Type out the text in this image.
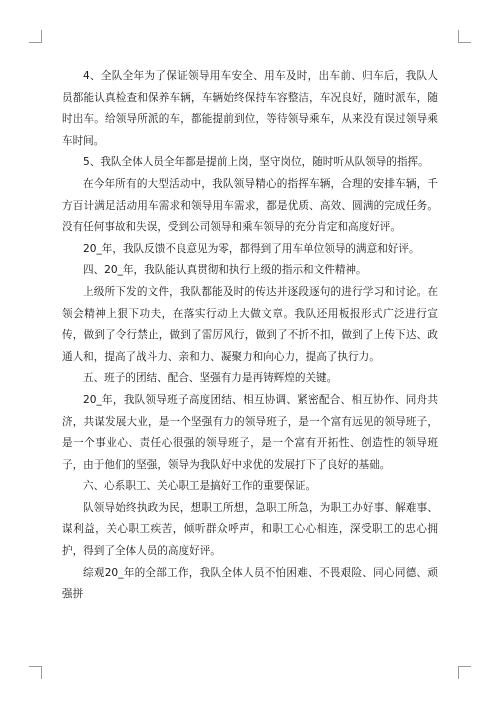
4、全队全年为了保证领导用车安全、用车及时，出车前、归车后，我队人员都能认真检查和保养车辆，车辆始终保持车容整洁，车况良好，随时派车，随时出车。给领导所派的车，都能提前到位，等待领导乘车，从来没有误过领导乘车时间。

5、我队全体人员全年都是提前上岗，坚守岗位，随时听从队领导的指挥。

在今年所有的大型活动中，我队领导精心的指挥车辆，合理的安排车辆，千方百计满足活动用车需求和领导用车需求，都是优质、高效、圆满的完成任务。没有任何事故和失误，受到公司领导和乘车领导的充分肯定和高度好评。

20_年，我队反馈不良意见为零，都得到了用车单位领导的满意和好评。

四、20_年，我队能认真贯彻和执行上级的指示和文件精神。

上级所下发的文件，我队都能及时的传达并逐段逐句的进行学习和讨论。在领会精神上狠下功夫，在落实行动上大做文章。我队还用板报形式广泛进行宣传，做到了令行禁止，做到了雷厉风行，做到了不折不扣，做到了上传下达、政通人和，提高了战斗力、亲和力、凝聚力和向心力，提高了执行力。

五、班子的团结、配合、坚强有力是再铸辉煌的关键。

20_年，我队领导班子高度团结、相互协调、紧密配合、相互协作、同舟共济，共谋发展大业，是一个坚强有力的领导班子，是一个富有远见的领导班子，是一个事业心、责任心很强的领导班子，是一个富有开拓性、创造性的领导班子，由于他们的坚强，领导为我队好中求优的发展打下了良好的基础。

六、心系职工、关心职工是搞好工作的重要保证。

队领导始终执政为民，想职工所想，急职工所急，为职工办好事、解难事、谋利益，关心职工疾苦，倾听群众呼声，和职工心心相连，深受职工的忠心拥护，得到了全体人员的高度好评。

综观20_年的全部工作，我队全体人员不怕困难、不畏艰险、同心同德、顽强拼
